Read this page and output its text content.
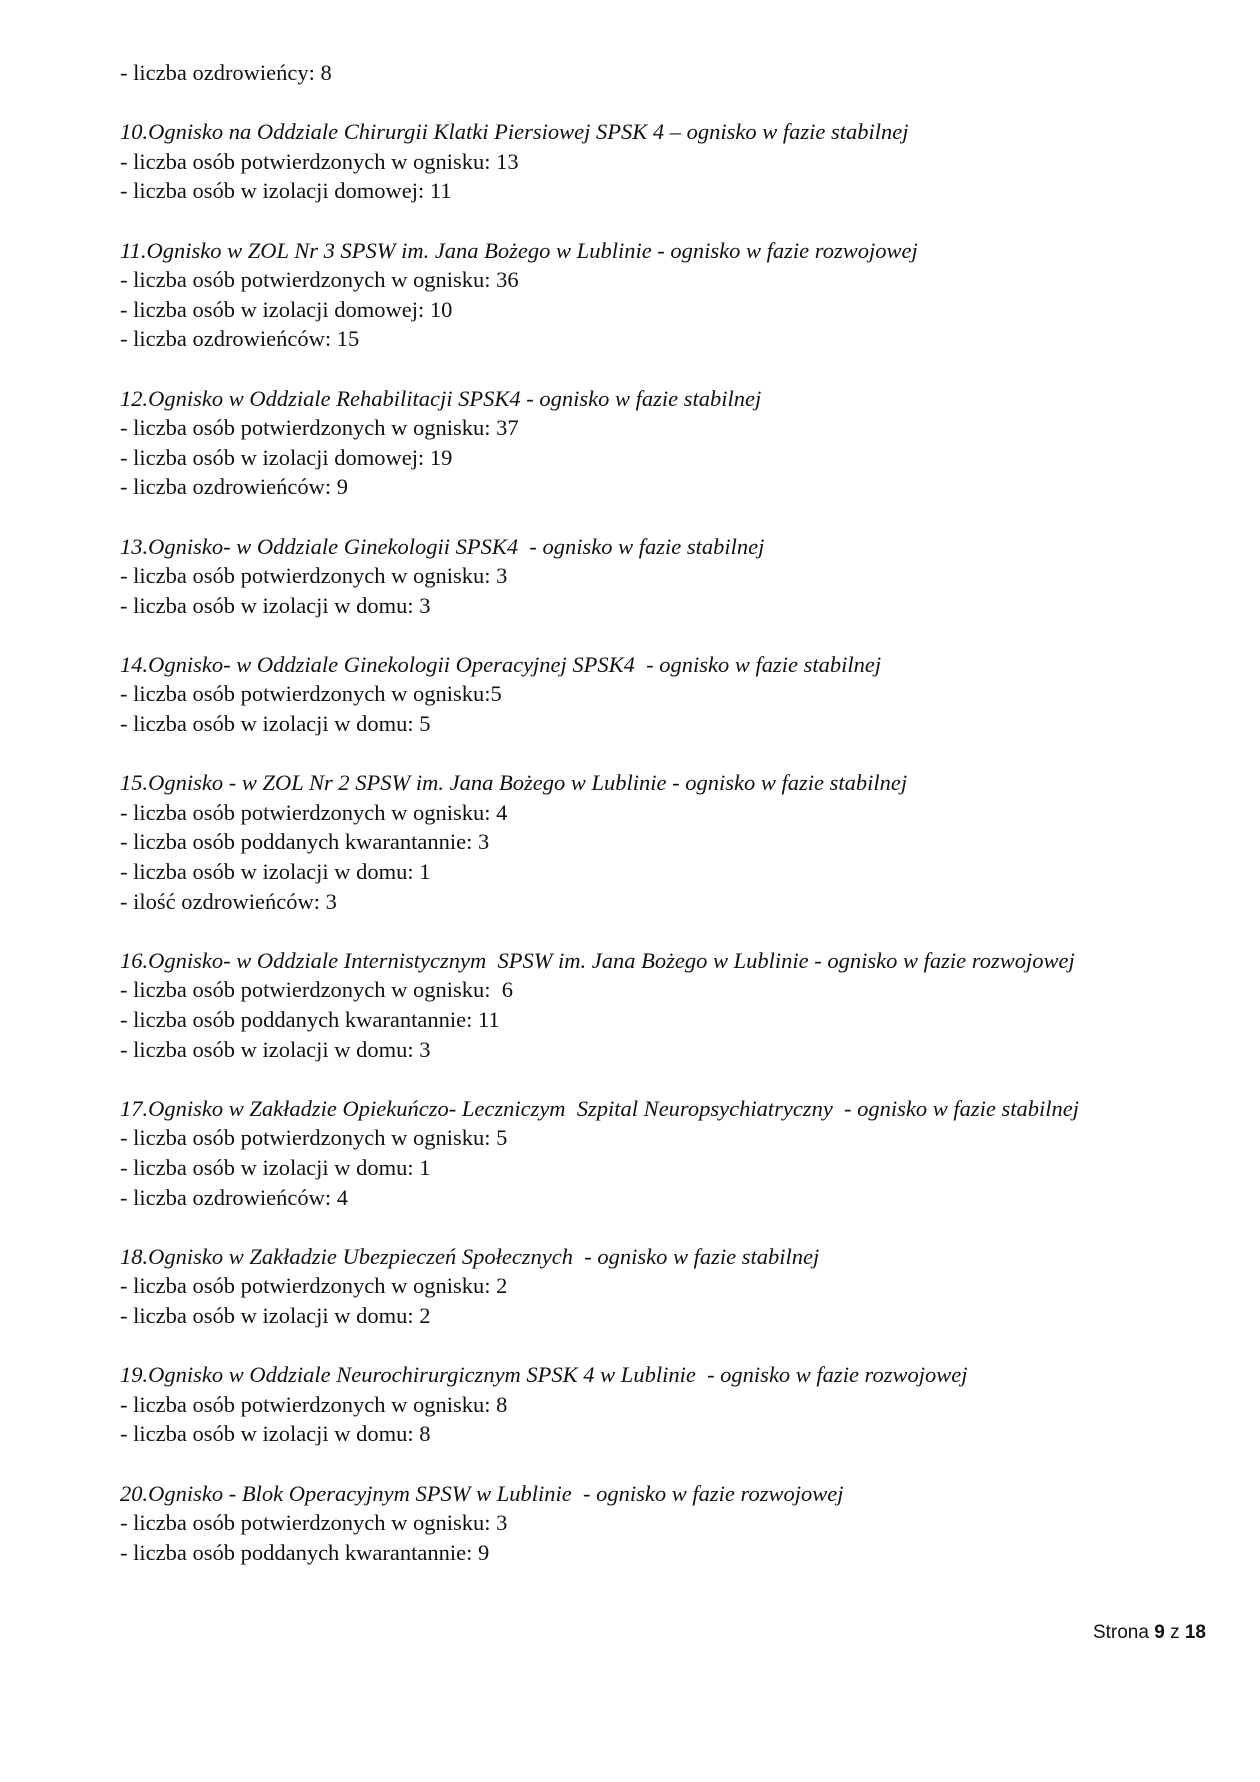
- liczba ozdrowieńcy: 8
10.Ognisko na Oddziale Chirurgii Klatki Piersiowej SPSK 4 – ognisko w fazie stabilnej
- liczba osób potwierdzonych w ognisku: 13
- liczba osób w izolacji domowej: 11
11.Ognisko w ZOL Nr 3 SPSW im. Jana Bożego w Lublinie - ognisko w fazie rozwojowej
- liczba osób potwierdzonych w ognisku: 36
- liczba osób w izolacji domowej: 10
- liczba ozdrowieńców: 15
12.Ognisko w Oddziale Rehabilitacji SPSK4 - ognisko w fazie stabilnej
- liczba osób potwierdzonych w ognisku: 37
- liczba osób w izolacji domowej: 19
- liczba ozdrowieńców: 9
13.Ognisko- w Oddziale Ginekologii SPSK4  - ognisko w fazie stabilnej
- liczba osób potwierdzonych w ognisku: 3
- liczba osób w izolacji w domu: 3
14.Ognisko- w Oddziale Ginekologii Operacyjnej SPSK4  - ognisko w fazie stabilnej
- liczba osób potwierdzonych w ognisku:5
- liczba osób w izolacji w domu: 5
15.Ognisko - w ZOL Nr 2 SPSW im. Jana Bożego w Lublinie - ognisko w fazie stabilnej
- liczba osób potwierdzonych w ognisku: 4
- liczba osób poddanych kwarantannie: 3
- liczba osób w izolacji w domu: 1
- ilość ozdrowieńców: 3
16.Ognisko- w Oddziale Internistycznym  SPSW im. Jana Bożego w Lublinie - ognisko w fazie rozwojowej
- liczba osób potwierdzonych w ognisku:  6
- liczba osób poddanych kwarantannie: 11
- liczba osób w izolacji w domu: 3
17.Ognisko w Zakładzie Opiekuńczo- Leczniczym  Szpital Neuropsychiatryczny  - ognisko w fazie stabilnej
- liczba osób potwierdzonych w ognisku: 5
- liczba osób w izolacji w domu: 1
- liczba ozdrowieńców: 4
18.Ognisko w Zakładzie Ubezpieczeń Społecznych  - ognisko w fazie stabilnej
- liczba osób potwierdzonych w ognisku: 2
- liczba osób w izolacji w domu: 2
19.Ognisko w Oddziale Neurochirurgicznym SPSK 4 w Lublinie  - ognisko w fazie rozwojowej
- liczba osób potwierdzonych w ognisku: 8
- liczba osób w izolacji w domu: 8
20.Ognisko - Blok Operacyjnym SPSW w Lublinie  - ognisko w fazie rozwojowej
- liczba osób potwierdzonych w ognisku: 3
- liczba osób poddanych kwarantannie: 9
Strona 9 z 18
